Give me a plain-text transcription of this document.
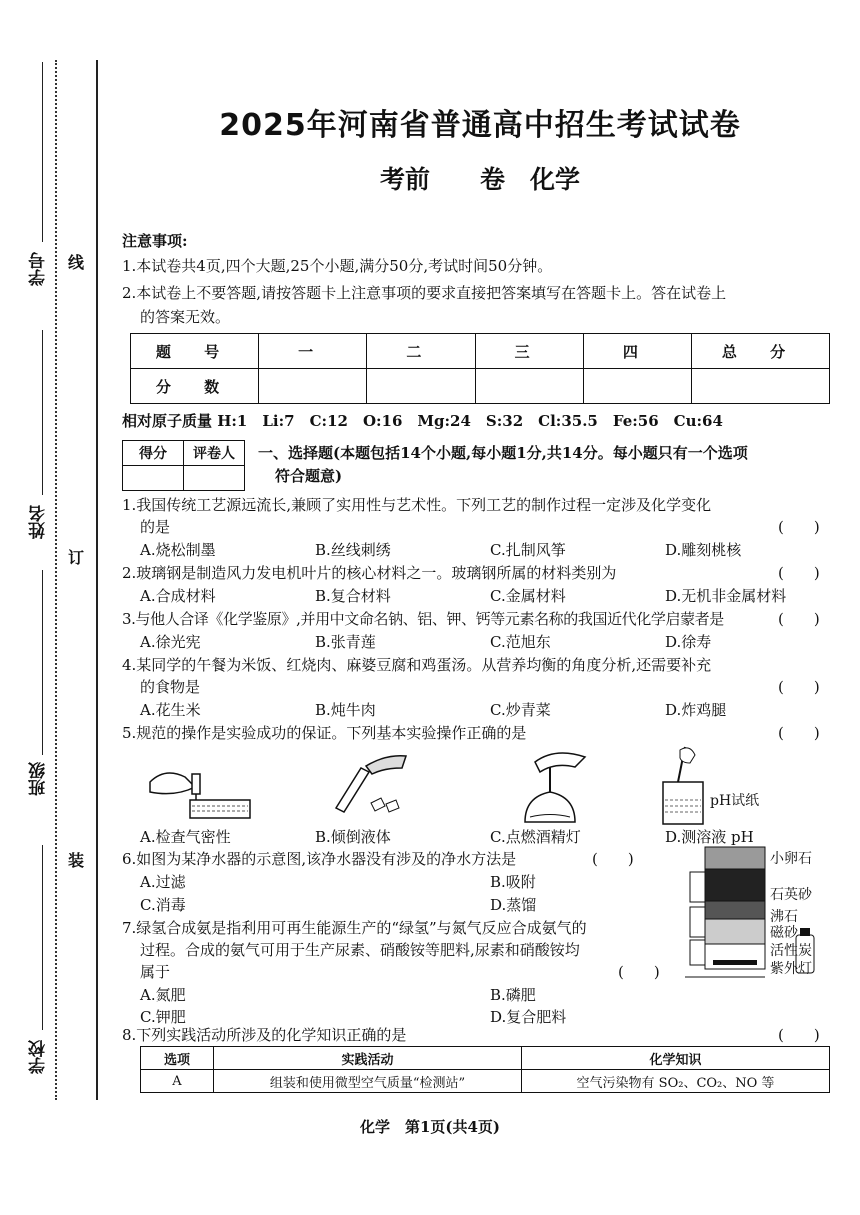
学号
姓名
班级
学校
线
订
装
2025年河南省普通高中招生考试试卷
考前　　卷　化学
注意事项:
1.本试卷共4页,四个大题,25个小题,满分50分,考试时间50分钟。
2.本试卷上不要答题,请按答题卡上注意事项的要求直接把答案填写在答题卡上。答在试卷上
的答案无效。
题 号	一	二	三	四	总 分
分 数					
相对原子质量 H:1　Li:7　C:12　O:16　Mg:24　S:32　Cl:35.5　Fe:56　Cu:64
得分	评卷人
	一、选择题(本题包括14个小题,每小题1分,共14分。每小题只有一个选项
符合题意)
1.我国传统工艺源远流长,兼顾了实用性与艺术性。下列工艺的制作过程一定涉及化学变化
的是	(　　)
A.烧松制墨	B.丝线刺绣	C.扎制风筝	D.雕刻桃核
2.玻璃钢是制造风力发电机叶片的核心材料之一。玻璃钢所属的材料类别为	(　　)
A.合成材料	B.复合材料	C.金属材料	D.无机非金属材料
3.与他人合译《化学鉴原》,并用中文命名钠、铝、钾、钙等元素名称的我国近代化学启蒙者是	(　　)
A.徐光宪	B.张青莲	C.范旭东	D.徐寿
4.某同学的午餐为米饭、红烧肉、麻婆豆腐和鸡蛋汤。从营养均衡的角度分析,还需要补充
的食物是	(　　)
A.花生米	B.炖牛肉	C.炒青菜	D.炸鸡腿
5.规范的操作是实验成功的保证。下列基本实验操作正确的是	(　　)
pH试纸
A.检查气密性	B.倾倒液体	C.点燃酒精灯	D.测溶液 pH
6.如图为某净水器的示意图,该净水器没有涉及的净水方法是	(　　)
A.过滤	B.吸附
C.消毒	D.蒸馏
小卵石
石英砂
沸石
磁砂
活性炭
紫外灯
7.绿氢合成氨是指利用可再生能源生产的“绿氢”与氮气反应合成氨气的
过程。合成的氨气可用于生产尿素、硝酸铵等肥料,尿素和硝酸铵均
属于	(　　)
A.氮肥	B.磷肥
C.钾肥	D.复合肥料
8.下列实践活动所涉及的化学知识正确的是	(　　)
选项	实践活动	化学知识
A	组装和使用微型空气质量“检测站”	空气污染物有 SO₂、CO₂、NO 等
化学　第1页(共4页)
